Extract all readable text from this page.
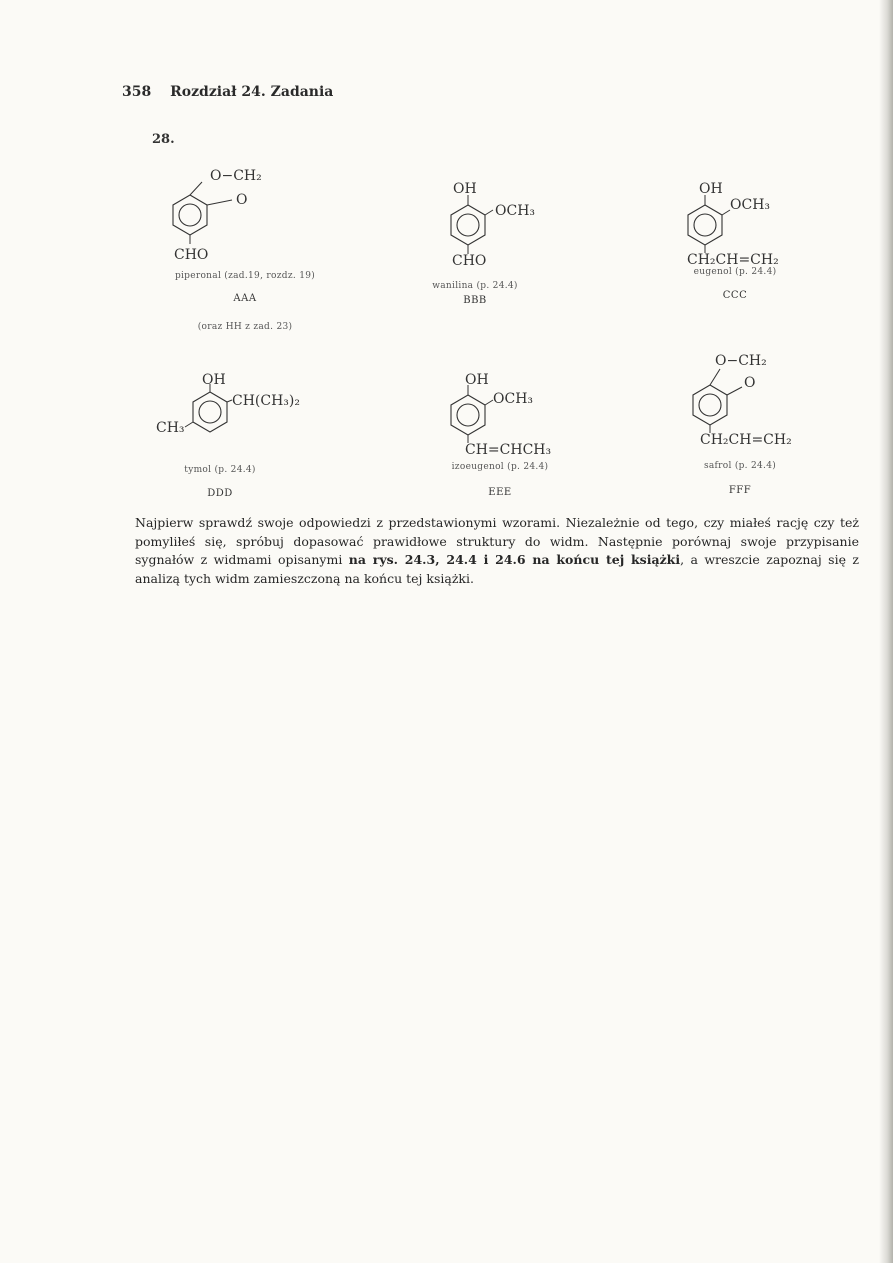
358 Rozdział 24. Zadania
28.
O−CH₂
O
CHO
piperonal (zad.19, rozdz. 19)
AAA
(oraz HH z zad. 23)
OH
OCH₃
CHO
wanilina (p. 24.4)
BBB
OH
OCH₃
CH₂CH=CH₂
eugenol (p. 24.4)
CCC
OH
CH(CH₃)₂
CH₃
tymol (p. 24.4)
DDD
OH
OCH₃
CH=CHCH₃
izoeugenol (p. 24.4)
EEE
O−CH₂
O
CH₂CH=CH₂
safrol (p. 24.4)
FFF
Najpierw sprawdź swoje odpowiedzi z przedstawionymi wzorami. Niezależnie od tego, czy miałeś rację czy też pomyliłeś się, spróbuj dopasować prawidłowe struktury do widm. Następnie porównaj swoje przypisanie sygnałów z widmami opisanymi na rys. 24.3, 24.4 i 24.6 na końcu tej książki, a wreszcie zapoznaj się z analizą tych widm zamieszczoną na końcu tej książki.
